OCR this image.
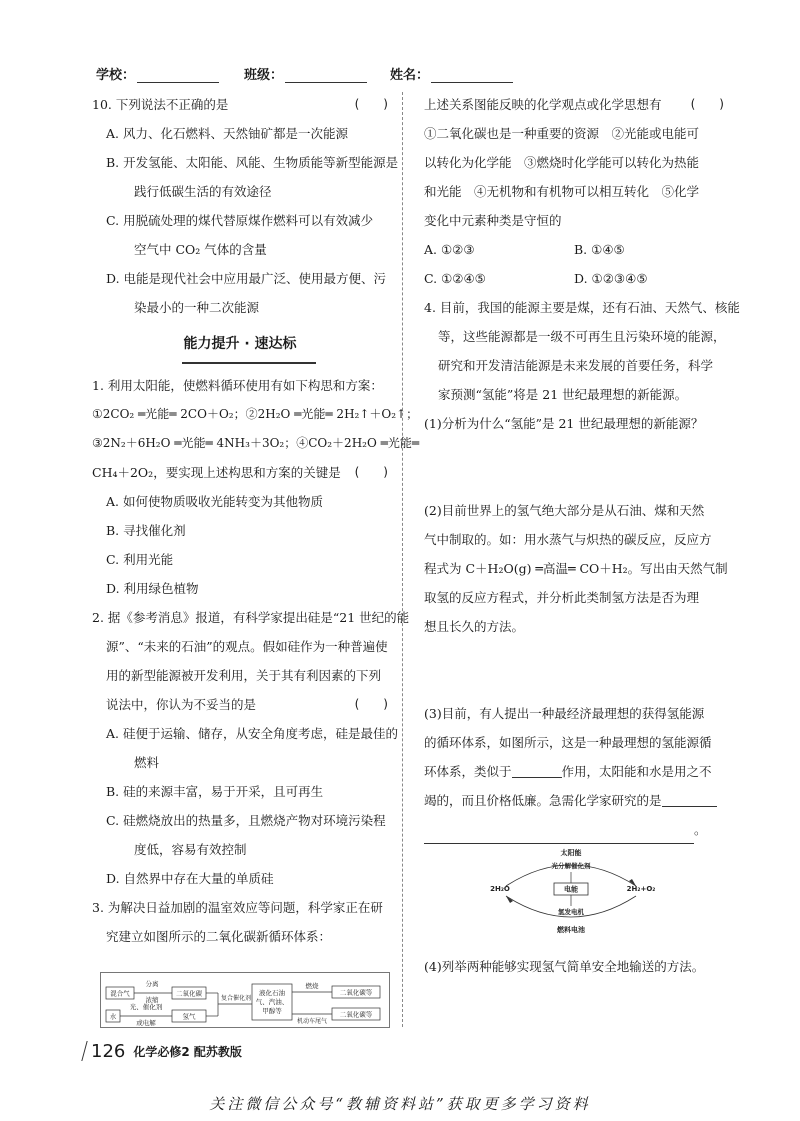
学校：	班级：	姓名：
10. 下列说法不正确的是	(　　)
A. 风力、化石燃料、天然铀矿都是一次能源
B. 开发氢能、太阳能、风能、生物质能等新型能源是
践行低碳生活的有效途径
C. 用脱硫处理的煤代替原煤作燃料可以有效减少
空气中 CO₂ 气体的含量
D. 电能是现代社会中应用最广泛、使用最方便、污
染最小的一种二次能源
能力提升 · 速达标
1. 利用太阳能，使燃料循环使用有如下构思和方案：
①2CO₂ ═光能═ 2CO＋O₂；②2H₂O ═光能═ 2H₂↑＋O₂↑；
③2N₂＋6H₂O ═光能═ 4NH₃＋3O₂；④CO₂＋2H₂O ═光能═
CH₄＋2O₂，要实现上述构思和方案的关键是 (　　)
A. 如何使物质吸收光能转变为其他物质
B. 寻找催化剂
C. 利用光能
D. 利用绿色植物
2. 据《参考消息》报道，有科学家提出硅是“21 世纪的能
源”、“未来的石油”的观点。假如硅作为一种普遍使
用的新型能源被开发利用，关于其有利因素的下列
说法中，你认为不妥当的是	(　　)
A. 硅便于运输、储存，从安全角度考虑，硅是最佳的
燃料
B. 硅的来源丰富，易于开采，且可再生
C. 硅燃烧放出的热量多，且燃烧产物对环境污染程
度低，容易有效控制
D. 自然界中存在大量的单质硅
3. 为解决日益加剧的温室效应等问题，科学家正在研
究建立如图所示的二氧化碳新循环体系：
混合气
分离
浓缩
二氧化碳
水
光、催化剂
或电解
氢气
复合催化剂
液化石油
气、汽油、
甲醇等
燃烧
机动车尾气
二氧化碳等
二氧化碳等
上述关系图能反映的化学观点或化学思想有 (　　)
①二氧化碳也是一种重要的资源　②光能或电能可
以转化为化学能　③燃烧时化学能可以转化为热能
和光能　④无机物和有机物可以相互转化　⑤化学
变化中元素种类是守恒的
A. ①②③	B. ①④⑤
C. ①②④⑤	D. ①②③④⑤
4. 目前，我国的能源主要是煤，还有石油、天然气、核能
等，这些能源都是一级不可再生且污染环境的能源，
研究和开发清洁能源是未来发展的首要任务，科学
家预测“氢能”将是 21 世纪最理想的新能源。
(1)分析为什么“氢能”是 21 世纪最理想的新能源？
(2)目前世界上的氢气绝大部分是从石油、煤和天然
气中制取的。如：用水蒸气与炽热的碳反应，反应方
程式为 C＋H₂O(g) ═高温═ CO＋H₂。写出由天然气制
取氢的反应方程式，并分析此类制氢方法是否为理
想且长久的方法。
(3)目前，有人提出一种最经济最理想的获得氢能源
的循环体系，如图所示，这是一种最理想的氢能源循
环体系，类似于	作用，太阳能和水是用之不
竭的，而且价格低廉。急需化学家研究的是
。
太阳能
光分解催化剂
2H₂O	2H₂+O₂
电能
氢发电机
燃料电池
(4)列举两种能够实现氢气简单安全地输送的方法。
126 化学必修2 配苏教版
关注微信公众号“教辅资料站”获取更多学习资料
